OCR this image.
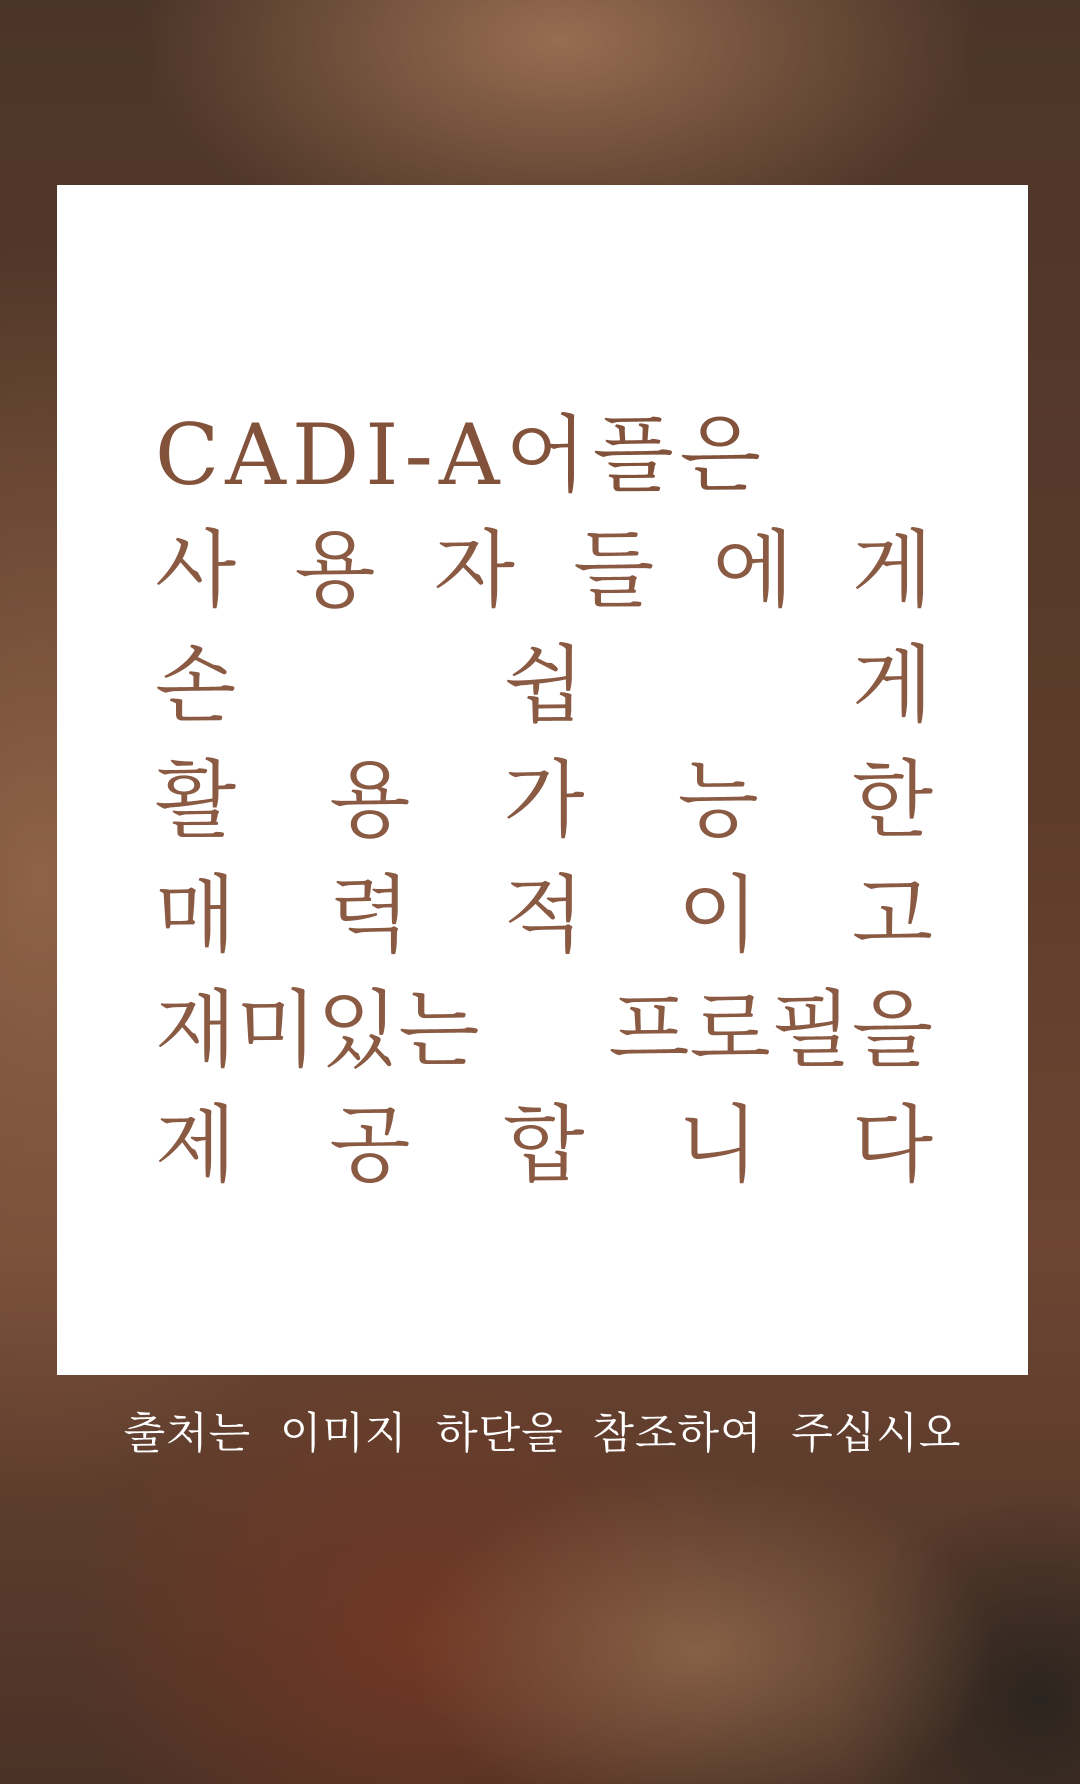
CADI-A어플은
사 용 자 들 에 게
손	쉽	게
활 용 가 능 한
매 력 적 이 고
재미있는 프로필을
제 공 합 니 다
출처는 이미지 하단을 참조하여 주십시오
